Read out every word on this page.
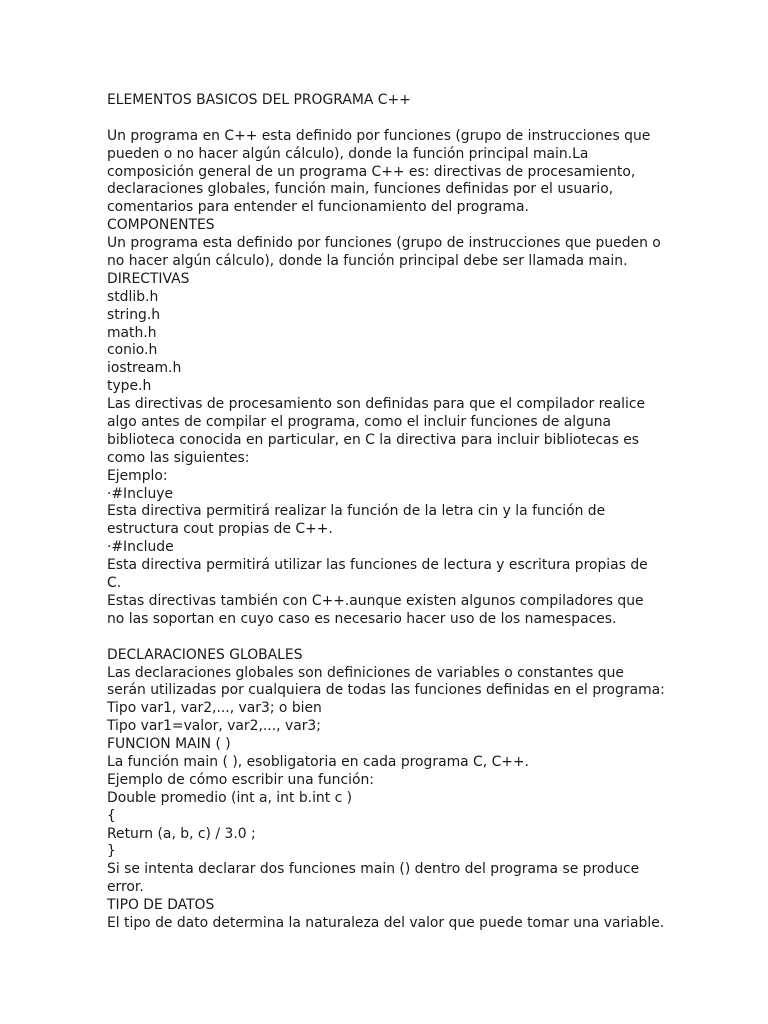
ELEMENTOS BASICOS DEL PROGRAMA C++
Un programa en C++ esta definido por funciones (grupo de instrucciones que
pueden o no hacer algún cálculo), donde la función principal main.La
composición general de un programa C++ es: directivas de procesamiento,
declaraciones globales, función main, funciones definidas por el usuario,
comentarios para entender el funcionamiento del programa.
COMPONENTES
Un programa esta definido por funciones (grupo de instrucciones que pueden o
no hacer algún cálculo), donde la función principal debe ser llamada main.
DIRECTIVAS
stdlib.h
string.h
math.h
conio.h
iostream.h
type.h
Las directivas de procesamiento son definidas para que el compilador realice
algo antes de compilar el programa, como el incluir funciones de alguna
biblioteca conocida en particular, en C la directiva para incluir bibliotecas es
como las siguientes:
Ejemplo:
·#Incluye
Esta directiva permitirá realizar la función de la letra cin y la función de
estructura cout propias de C++.
·#Include
Esta directiva permitirá utilizar las funciones de lectura y escritura propias de
C.
Estas directivas también con C++.aunque existen algunos compiladores que
no las soportan en cuyo caso es necesario hacer uso de los namespaces.
DECLARACIONES GLOBALES
Las declaraciones globales son definiciones de variables o constantes que
serán utilizadas por cualquiera de todas las funciones definidas en el programa:
Tipo var1, var2,..., var3; o bien
Tipo var1=valor, var2,..., var3;
FUNCION MAIN ( )
La función main ( ), esobligatoria en cada programa C, C++.
Ejemplo de cómo escribir una función:
Double promedio (int a, int b.int c )
{
Return (a, b, c) / 3.0 ;
}
Si se intenta declarar dos funciones main () dentro del programa se produce
error.
TIPO DE DATOS
El tipo de dato determina la naturaleza del valor que puede tomar una variable.
